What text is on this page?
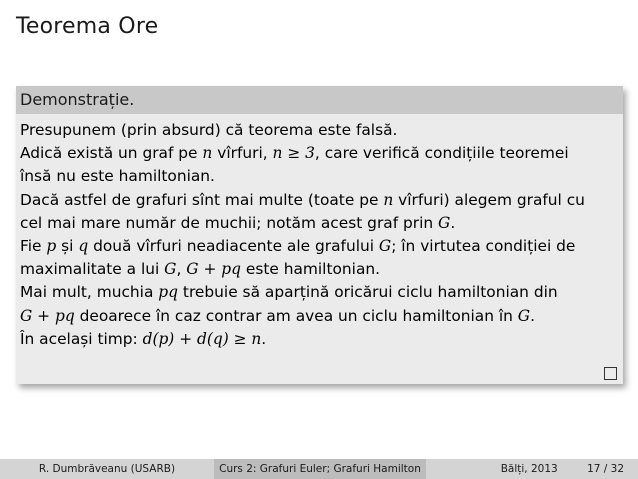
Teorema Ore
Demonstrație.

Presupunem (prin absurd) că teorema este falsă.

Adică există un graf pe n vîrfuri, n ≥ 3, care verifică condițiile teoremei

însă nu este hamiltonian.

Dacă astfel de grafuri sînt mai multe (toate pe n vîrfuri) alegem graful cu

cel mai mare număr de muchii; notăm acest graf prin G.

Fie p și q două vîrfuri neadiacente ale grafului G; în virtutea condiției de

maximalitate a lui G, G + pq este hamiltonian.

Mai mult, muchia pq trebuie să aparțină oricărui ciclu hamiltonian din

G + pq deoarece în caz contrar am avea un ciclu hamiltonian în G.

În același timp: d(p) + d(q) ≥ n.

R. Dumbrăveanu (USARB)	Curs 2: Grafuri Euler; Grafuri Hamilton	Bălți, 2013	17 / 32
